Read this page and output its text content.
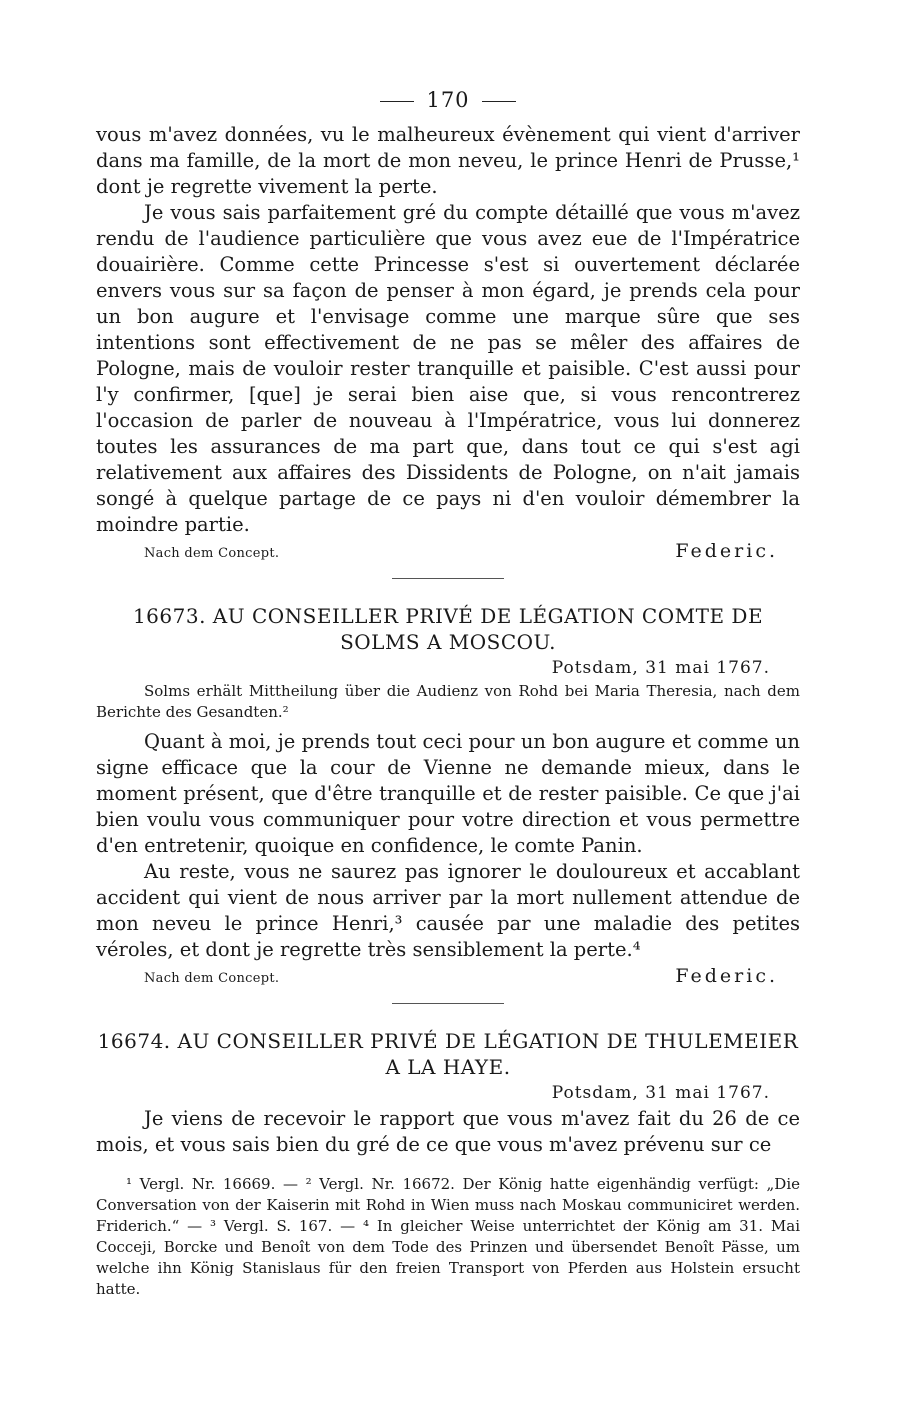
170

vous m'avez données, vu le malheureux évènement qui vient d'arriver dans ma famille, de la mort de mon neveu, le prince Henri de Prusse,¹ dont je regrette vivement la perte.

Je vous sais parfaitement gré du compte détaillé que vous m'avez rendu de l'audience particulière que vous avez eue de l'Impératrice douairière. Comme cette Princesse s'est si ouvertement déclarée envers vous sur sa façon de penser à mon égard, je prends cela pour un bon augure et l'envisage comme une marque sûre que ses intentions sont effectivement de ne pas se mêler des affaires de Pologne, mais de vouloir rester tranquille et paisible. C'est aussi pour l'y confirmer, [que] je serai bien aise que, si vous rencontrerez l'occasion de parler de nouveau à l'Impératrice, vous lui donnerez toutes les assurances de ma part que, dans tout ce qui s'est agi relativement aux affaires des Dissidents de Pologne, on n'ait jamais songé à quelque partage de ce pays ni d'en vouloir démembrer la moindre partie.

Nach dem Concept.	Federic.
16673. AU CONSEILLER PRIVÉ DE LÉGATION COMTE DE SOLMS A MOSCOU.
Potsdam, 31 mai 1767.

Solms erhält Mittheilung über die Audienz von Rohd bei Maria Theresia, nach dem Berichte des Gesandten.²

Quant à moi, je prends tout ceci pour un bon augure et comme un signe efficace que la cour de Vienne ne demande mieux, dans le moment présent, que d'être tranquille et de rester paisible. Ce que j'ai bien voulu vous communiquer pour votre direction et vous permettre d'en entretenir, quoique en confidence, le comte Panin.

Au reste, vous ne saurez pas ignorer le douloureux et accablant accident qui vient de nous arriver par la mort nullement attendue de mon neveu le prince Henri,³ causée par une maladie des petites véroles, et dont je regrette très sensiblement la perte.⁴

Nach dem Concept.	Federic.
16674. AU CONSEILLER PRIVÉ DE LÉGATION DE THULEMEIER A LA HAYE.
Potsdam, 31 mai 1767.

Je viens de recevoir le rapport que vous m'avez fait du 26 de ce mois, et vous sais bien du gré de ce que vous m'avez prévenu sur ce

¹ Vergl. Nr. 16669. — ² Vergl. Nr. 16672. Der König hatte eigenhändig verfügt: „Die Conversation von der Kaiserin mit Rohd in Wien muss nach Moskau communiciret werden. Friderich.“ — ³ Vergl. S. 167. — ⁴ In gleicher Weise unterrichtet der König am 31. Mai Cocceji, Borcke und Benoît von dem Tode des Prinzen und übersendet Benoît Pässe, um welche ihn König Stanislaus für den freien Transport von Pferden aus Holstein ersucht hatte.
